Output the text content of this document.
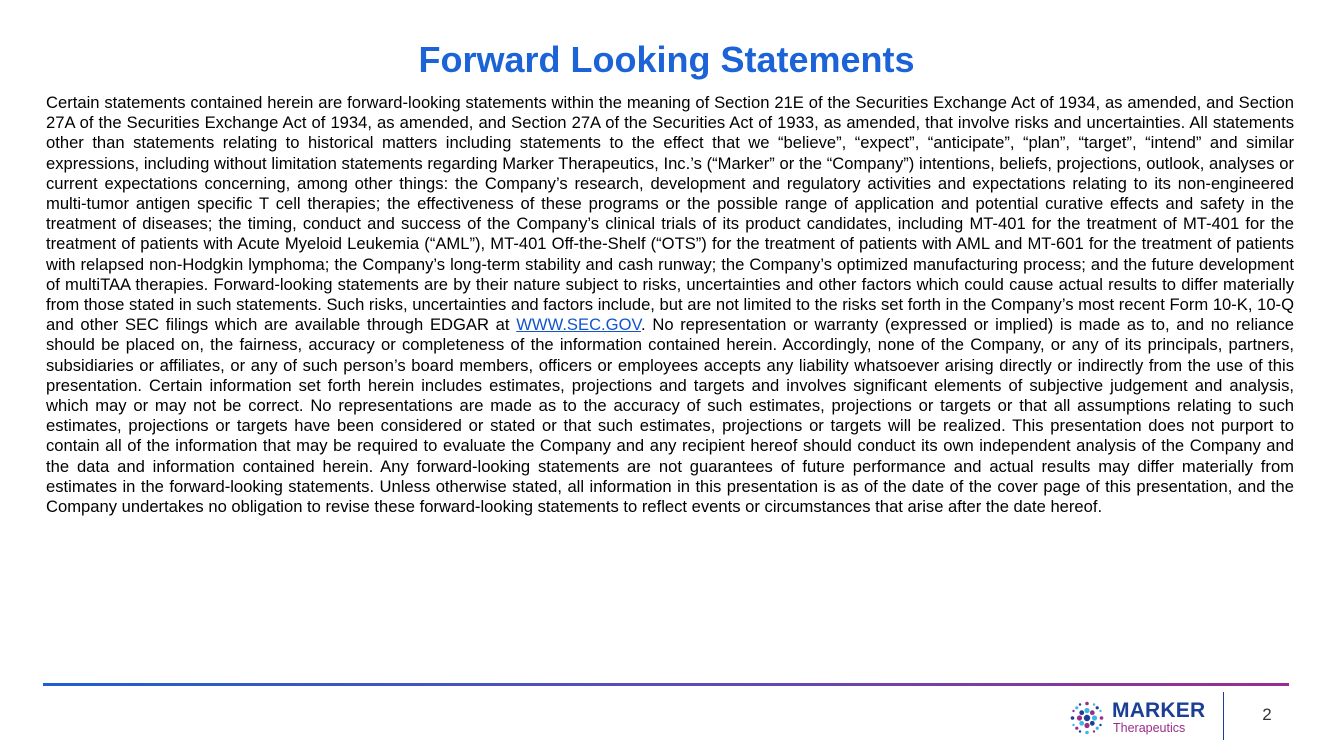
Forward Looking Statements

Certain statements contained herein are forward-looking statements within the meaning of Section 21E of the Securities Exchange Act of 1934, as amended, and Section 27A of the Securities Exchange Act of 1934, as amended, and Section 27A of the Securities Act of 1933, as amended, that involve risks and uncertainties. All statements other than statements relating to historical matters including statements to the effect that we “believe”, “expect”, “anticipate”, “plan”, “target”, “intend” and similar expressions, including without limitation statements regarding Marker Therapeutics, Inc.’s (“Marker” or the “Company”) intentions, beliefs, projections, outlook, analyses or current expectations concerning, among other things: the Company’s research, development and regulatory activities and expectations relating to its non-engineered multi-tumor antigen specific T cell therapies; the effectiveness of these programs or the possible range of application and potential curative effects and safety in the treatment of diseases; the timing, conduct and success of the Company’s clinical trials of its product candidates, including MT-401 for the treatment of MT-401 for the treatment of patients with Acute Myeloid Leukemia (“AML”), MT-401 Off-the-Shelf (“OTS”) for the treatment of patients with AML and MT-601 for the treatment of patients with relapsed non-Hodgkin lymphoma; the Company’s long-term stability and cash runway; the Company’s optimized manufacturing process; and the future development of multiTAA therapies. Forward-looking statements are by their nature subject to risks, uncertainties and other factors which could cause actual results to differ materially from those stated in such statements. Such risks, uncertainties and factors include, but are not limited to the risks set forth in the Company’s most recent Form 10-K, 10-Q and other SEC filings which are available through EDGAR at WWW.SEC.GOV. No representation or warranty (expressed or implied) is made as to, and no reliance should be placed on, the fairness, accuracy or completeness of the information contained herein. Accordingly, none of the Company, or any of its principals, partners, subsidiaries or affiliates, or any of such person’s board members, officers or employees accepts any liability whatsoever arising directly or indirectly from the use of this presentation. Certain information set forth herein includes estimates, projections and targets and involves significant elements of subjective judgement and analysis, which may or may not be correct. No representations are made as to the accuracy of such estimates, projections or targets or that all assumptions relating to such estimates, projections or targets have been considered or stated or that such estimates, projections or targets will be realized. This presentation does not purport to contain all of the information that may be required to evaluate the Company and any recipient hereof should conduct its own independent analysis of the Company and the data and information contained herein. Any forward-looking statements are not guarantees of future performance and actual results may differ materially from estimates in the forward-looking statements. Unless otherwise stated, all information in this presentation is as of the date of the cover page of this presentation, and the Company undertakes no obligation to revise these forward-looking statements to reflect events or circumstances that arise after the date hereof.

MARKER
Therapeutics
2
